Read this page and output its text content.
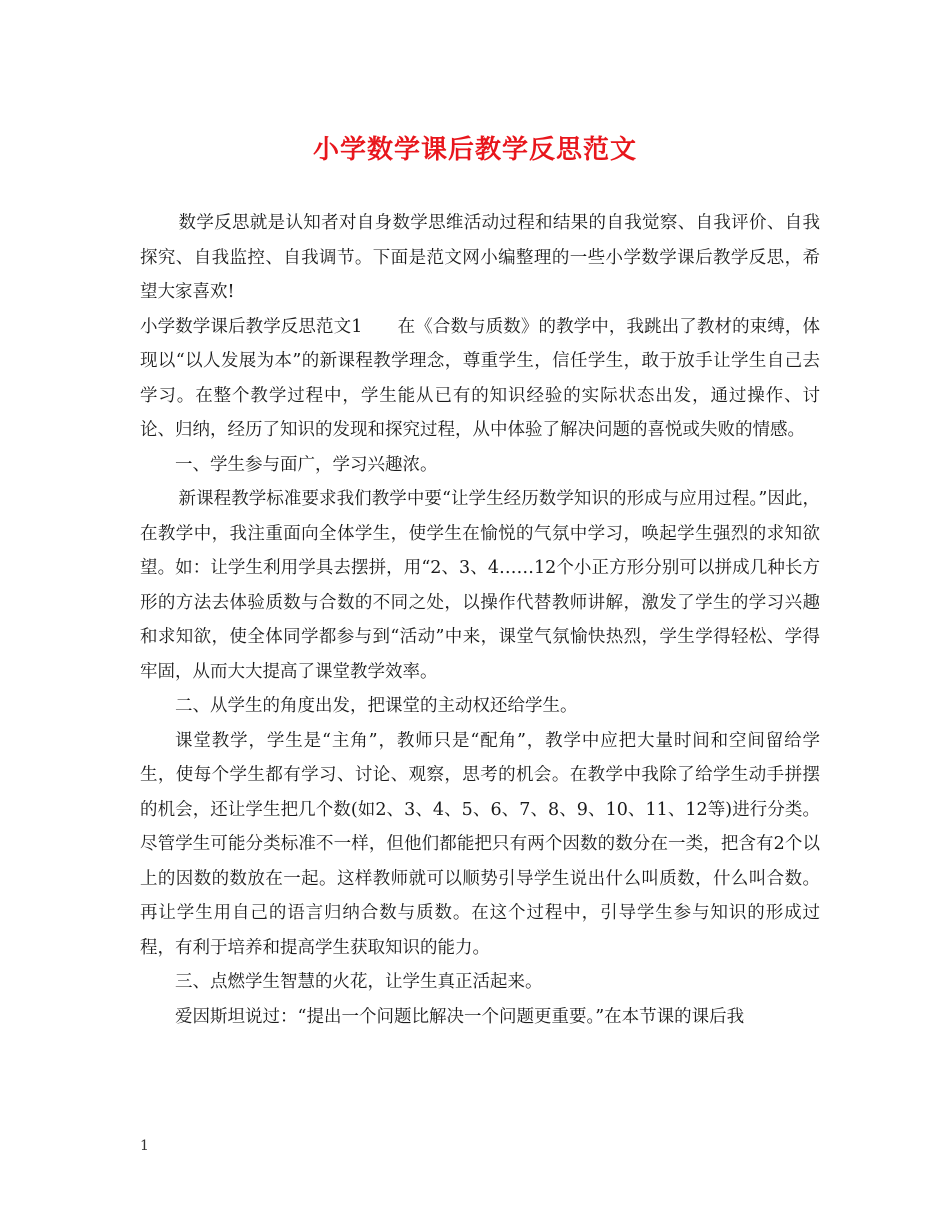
小学数学课后教学反思范文

数学反思就是认知者对自身数学思维活动过程和结果的自我觉察、自我评价、自我探究、自我监控、自我调节。下面是范文网小编整理的一些小学数学课后教学反思，希望大家喜欢!

小学数学课后教学反思范文1　　在《合数与质数》的教学中，我跳出了教材的束缚，体现以“以人发展为本”的新课程教学理念，尊重学生，信任学生，敢于放手让学生自己去学习。在整个教学过程中，学生能从已有的知识经验的实际状态出发，通过操作、讨论、归纳，经历了知识的发现和探究过程，从中体验了解决问题的喜悦或失败的情感。

一、学生参与面广，学习兴趣浓。

新课程教学标准要求我们教学中要“让学生经历数学知识的形成与应用过程。”因此，在教学中，我注重面向全体学生，使学生在愉悦的气氛中学习，唤起学生强烈的求知欲望。如：让学生利用学具去摆拼，用“2、3、4……12个小正方形分别可以拼成几种长方形的方法去体验质数与合数的不同之处，以操作代替教师讲解，激发了学生的学习兴趣和求知欲，使全体同学都参与到“活动”中来，课堂气氛愉快热烈，学生学得轻松、学得牢固，从而大大提高了课堂教学效率。

二、从学生的角度出发，把课堂的主动权还给学生。

课堂教学，学生是“主角”，教师只是“配角”，教学中应把大量时间和空间留给学生，使每个学生都有学习、讨论、观察，思考的机会。在教学中我除了给学生动手拼摆的机会，还让学生把几个数(如2、3、4、5、6、7、8、9、10、11、12等)进行分类。尽管学生可能分类标准不一样，但他们都能把只有两个因数的数分在一类，把含有2个以上的因数的数放在一起。这样教师就可以顺势引导学生说出什么叫质数，什么叫合数。再让学生用自己的语言归纳合数与质数。在这个过程中，引导学生参与知识的形成过程，有利于培养和提高学生获取知识的能力。

三、点燃学生智慧的火花，让学生真正活起来。

爱因斯坦说过：“提出一个问题比解决一个问题更重要。”在本节课的课后我

1
